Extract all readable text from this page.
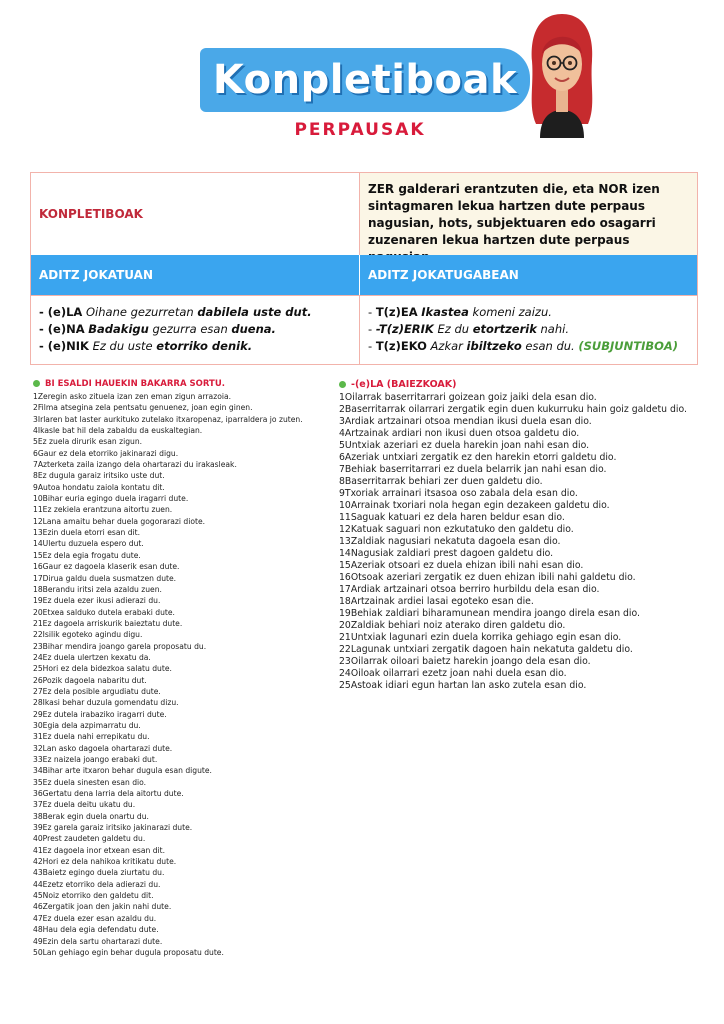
Konpletiboak
PERPAUSAK
KONPLETIBOAK
ZER galderari erantzuten die, eta NOR izen sintagmaren lekua hartzen dute perpaus nagusian, hots, subjektuaren edo osagarri zuzenaren lekua hartzen dute perpaus
ADITZ JOKATUAN	ADITZ JOKATUGABEAN
- (e)LA Oihane gezurretan dabilela uste dut.
- (e)NA Badakigu gezurra esan duena.
- (e)NIK Ez du uste etorriko denik.
- T(z)EA Ikastea komeni zaizu.
- -T(z)ERIK Ez du etortzerik nahi.
- T(z)EKO Azkar ibiltzeko esan du. (SUBJUNTIBOA)
BI ESALDI HAUEKIN BAKARRA SORTU.
1Zeregin asko zituela izan zen eman zigun arrazoia.
2Filma atsegina zela pentsatu genuenez, joan egin ginen.
3Irlaren bat laster aurkituko zutelako itxaropenaz, iparraldera jo zuten.
4Ikasle bat hil dela zabaldu da euskaltegian.
5Ez zuela dirurik esan zigun.
6Gaur ez dela etorriko jakinarazi digu.
7Azterketa zaila izango dela ohartarazi du irakasleak.
8Ez dugula garaiz iritsiko uste dut.
9Autoa hondatu zaiola kontatu dit.
10Bihar euria egingo duela iragarri dute.
11Ez zekiela erantzuna aitortu zuen.
12Lana amaitu behar duela gogorarazi diote.
13Ezin duela etorri esan dit.
14Ulertu duzuela espero dut.
15Ez dela egia frogatu dute.
16Gaur ez dagoela klaserik esan dute.
17Dirua galdu duela susmatzen dute.
18Berandu iritsi zela azaldu zuen.
19Ez duela ezer ikusi adierazi du.
20Etxea salduko dutela erabaki dute.
21Ez dagoela arriskurik baieztatu dute.
22Isilik egoteko agindu digu.
23Bihar mendira joango garela proposatu du.
24Ez duela ulertzen kexatu da.
25Hori ez dela bidezkoa salatu dute.
26Pozik dagoela nabaritu dut.
27Ez dela posible argudiatu dute.
28Ikasi behar duzula gomendatu dizu.
29Ez dutela irabaziko iragarri dute.
30Egia dela azpimarratu du.
31Ez duela nahi errepikatu du.
32Lan asko dagoela ohartarazi dute.
33Ez naizela joango erabaki dut.
34Bihar arte itxaron behar dugula esan digute.
35Ez duela sinesten esan dio.
36Gertatu dena larria dela aitortu dute.
37Ez duela deitu ukatu du.
38Berak egin duela onartu du.
39Ez garela garaiz iritsiko jakinarazi dute.
40Prest zaudeten galdetu du.
41Ez dagoela inor etxean esan dit.
42Hori ez dela nahikoa kritikatu dute.
43Baietz egingo duela ziurtatu du.
44Ezetz etorriko dela adierazi du.
45Noiz etorriko den galdetu dit.
46Zergatik joan den jakin nahi dute.
47Ez duela ezer esan azaldu du.
48Hau dela egia defendatu dute.
49Ezin dela sartu ohartarazi dute.
50Lan gehiago egin behar dugula proposatu dute.
-(e)LA (BAIEZKOAK)
1Oilarrak baserritarrari goizean goiz jaiki dela esan dio.
2Baserritarrak oilarrari zergatik egin duen kukurruku hain goiz galdetu dio.
3Ardiak artzainari otsoa mendian ikusi duela esan dio.
4Artzainak ardiari non ikusi duen otsoa galdetu dio.
5Untxiak azeriari ez duela harekin joan nahi esan dio.
6Azeriak untxiari zergatik ez den harekin etorri galdetu dio.
7Behiak baserritarrari ez duela belarrik jan nahi esan dio.
8Baserritarrak behiari zer duen galdetu dio.
9Txoriak arrainari itsasoa oso zabala dela esan dio.
10Arrainak txoriari nola hegan egin dezakeen galdetu dio.
11Saguak katuari ez dela haren beldur esan dio.
12Katuak saguari non ezkutatuko den galdetu dio.
13Zaldiak nagusiari nekatuta dagoela esan dio.
14Nagusiak zaldiari prest dagoen galdetu dio.
15Azeriak otsoari ez duela ehizan ibili nahi esan dio.
16Otsoak azeriari zergatik ez duen ehizan ibili nahi galdetu dio.
17Ardiak artzainari otsoa berriro hurbildu dela esan dio.
18Artzainak ardiei lasai egoteko esan die.
19Behiak zaldiari biharamunean mendira joango direla esan dio.
20Zaldiak behiari noiz aterako diren galdetu dio.
21Untxiak lagunari ezin duela korrika gehiago egin esan dio.
22Lagunak untxiari zergatik dagoen hain nekatuta galdetu dio.
23Oilarrak oiloari baietz harekin joango dela esan dio.
24Oiloak oilarrari ezetz joan nahi duela esan dio.
25Astoak idiari egun hartan lan asko zutela esan dio.
